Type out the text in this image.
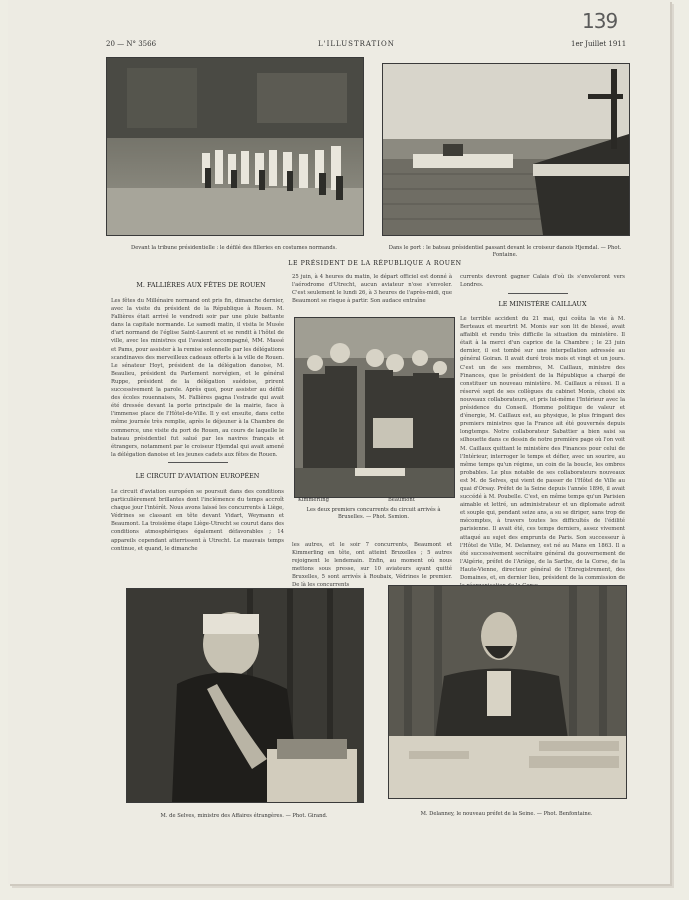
20 — N° 3566	L'ILLUSTRATION	1er Juillet 1911
139
Devant la tribune présidentielle : le défilé des filleries en costumes normands.	Dans le port : le bateau présidentiel passant devant le croiseur danois Hjemdal. — Phot. Fontaine.
LE PRÉSIDENT DE LA RÉPUBLIQUE A ROUEN
M. FALLIÈRES AUX FÊTES DE ROUEN
Les fêtes du Millénaire normand ont pris fin, dimanche dernier, avec la visite du président de la République à Rouen. M. Fallières était arrivé le vendredi soir par une pluie battante dans la capitale normande. Le samedi matin, il visita le Musée d'art normand de l'église Saint-Laurent et se rendit à l'hôtel de ville, avec les ministres qui l'avaient accompagné, MM. Massé et Pams, pour assister à la remise solennelle par les délégations scandinaves des merveilleux cadeaux offerts à la ville de Rouen. Le sénateur Hoyt, président de la délégation danoise, M. Beaulieu, président du Parlement norvégien, et le général Ruppe, président de la délégation suédoise, prirent successivement la parole. Après quoi, pour assister au défilé des écoles rouennaises, M. Fallières gagna l'estrade qui avait été dressée devant la porte principale de la mairie, face à l'immense place de l'Hôtel-de-Ville. Il y est ensuite, dans cette même journée très remplie, après le déjeuner à la Chambre de commerce, une visite du port de Rouen, au cours de laquelle le bateau présidentiel fut salué par les navires français et étrangers, notamment par le croiseur Hjemdal qui avait amené la délégation danoise et les jeunes cadets aux fêtes de Rouen.
LE CIRCUIT D'AVIATION EUROPÉEN
Le circuit d'aviation européen se poursuit dans des conditions particulièrement brillantes dont l'inclémence du temps accroît chaque jour l'intérêt. Nous avons laissé les concurrents à Liège, Védrines se classant en tête devant Vidart, Weymann et Beaumont. La troisième étape Liège-Utrecht se courut dans des conditions atmosphériques également défavorables ; 14 appareils cependant atterrissent à Utrecht. Le mauvais temps continue, et quand, le dimanche
25 juin, à 4 heures du matin, le départ officiel est donné à l'aérodrome d'Utrecht, aucun aviateur n'ose s'envoler. C'est seulement le lundi 26, à 3 heures de l'après-midi, que Beaumont se risque à partir. Son audace entraîne
Kimmerling	Beaumont
Les deux premiers concurrents du circuit arrivés à Bruxelles. — Phot. Ssmion.
les autres, et le soir 7 concurrents, Beaumont et Kimmerling en tête, ont atteint Bruxelles ; 5 autres rejoignent le lendemain. Enfin, au moment où nous mettons sous presse, sur 10 aviateurs ayant quitté Bruxelles, 5 sont arrivés à Roubaix, Védrines le premier. De là les concurrents
currents devront gagner Calais d'où ils s'envoleront vers Londres.
LE MINISTÈRE CAILLAUX
Le terrible accident du 21 mai, qui coûta la vie à M. Berteaux et meurtrit M. Monis sur son lit de blessé, avait affaibli et rendu très difficile la situation du ministère. Il était à la merci d'un caprice de la Chambre ; le 23 juin dernier, il est tombé sur une interpellation adressée au général Goiran. Il avait duré trois mois et vingt et un jours. C'est un de ses membres, M. Caillaux, ministre des Finances, que le président de la République a chargé de constituer un nouveau ministère. M. Caillaux a réussi. Il a réservé sept de ses collègues du cabinet Monis, choisi six nouveaux collaborateurs, et pris lui-même l'Intérieur avec la présidence du Conseil. Homme politique de valeur et d'énergie, M. Caillaux est, au physique, le plus fringant des premiers ministres que la France ait été gouvernés depuis longtemps. Notre collaborateur Sabattier a bien saisi sa silhouette dans ce dessin de notre première page où l'on voit M. Caillaux quittant le ministère des Finances pour celui de l'Intérieur, interroger le temps et défier, avec un sourire, au même temps qu'un régime, un coin de la boucle, les ombres probables. Le plus notable de ses collaborateurs nouveaux est M. de Selves, qui vient de passer de l'Hôtel de Ville au quai d'Orsay. Préfet de la Seine depuis l'année 1896, il avait succédé à M. Poubelle. C'est, en même temps qu'un Parisien aimable et lettré, un administrateur et un diplomate adroit et souple qui, pendant seize ans, a su se diriger, sans trop de mécomptes, à travers toutes les difficultés de l'édilité parisienne. Il avait été, ces temps derniers, assez vivement attaqué au sujet des emprunts de Paris. Son successeur à l'Hôtel de Ville, M. Delanney, est né au Mans en 1863. Il a été successivement secrétaire général du gouvernement de l'Algérie, préfet de l'Ariège, de la Sarthe, de la Corse, de la Haute-Vienne, directeur général de l'Enregistrement, des Domaines, et, en dernier lieu, président de la commission de
M. de Selves, ministre des Affaires étrangères. — Phot. Girand.	M. Delanney, le nouveau préfet de la Seine. — Phot. Benfontaine.
